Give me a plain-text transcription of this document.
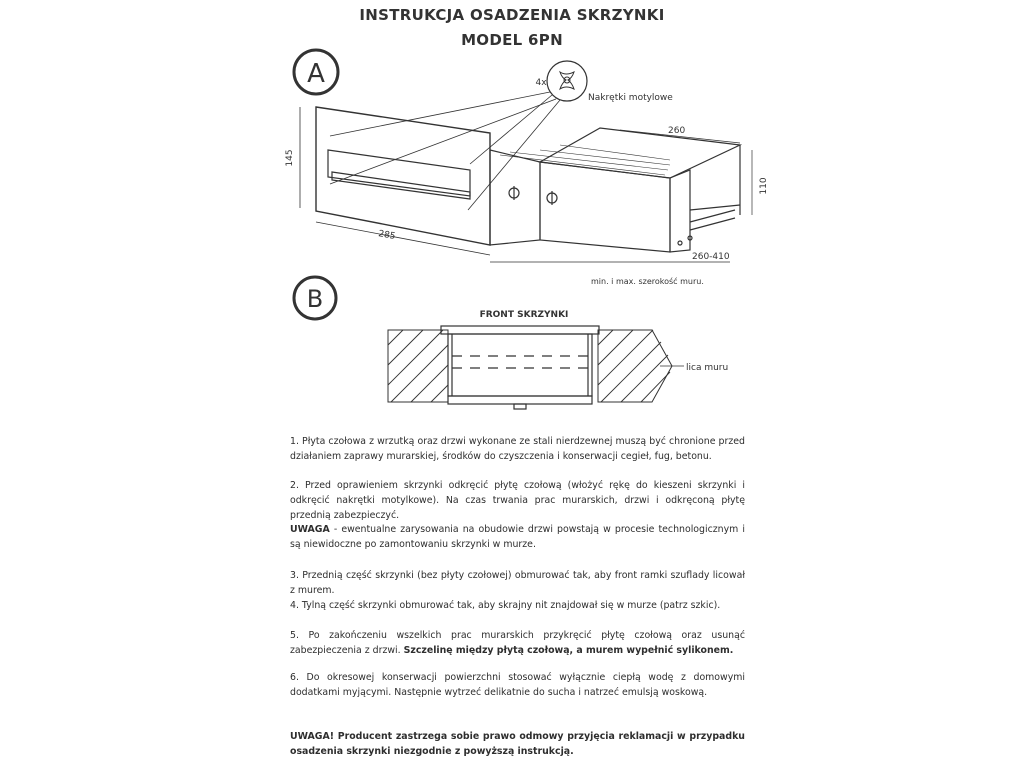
INSTRUKCJA OSADZENIA SKRZYNKI
MODEL 6PN
A	4x
Nakrętki motylowe
145
285
260
110
260-410
min. i max. szerokość muru.
B
FRONT SKRZYNKI
lica muru
1. Płyta czołowa z wrzutką oraz drzwi wykonane ze stali nierdzewnej muszą być chronione przed działaniem zaprawy murarskiej, środków do czyszczenia i konserwacji cegieł, fug, betonu.
2. Przed oprawieniem skrzynki odkręcić płytę czołową (włożyć rękę do kieszeni skrzynki i odkręcić nakrętki motylkowe). Na czas trwania prac murarskich, drzwi i odkręconą płytę przednią zabezpieczyć.
UWAGA - ewentualne zarysowania na obudowie drzwi powstają w procesie technologicznym i są niewidoczne po zamontowaniu skrzynki w murze.
3. Przednią część skrzynki (bez płyty czołowej) obmurować tak, aby front ramki szuflady licował z murem.
4. Tylną część skrzynki obmurować tak, aby skrajny nit znajdował się w murze (patrz szkic).
5. Po zakończeniu wszelkich prac murarskich przykręcić płytę czołową oraz usunąć zabezpieczenia z drzwi. Szczelinę między płytą czołową, a murem wypełnić sylikonem.
6. Do okresowej konserwacji powierzchni stosować wyłącznie ciepłą wodę z domowymi dodatkami myjącymi. Następnie wytrzeć delikatnie do sucha i natrzeć emulsją woskową.
UWAGA! Producent zastrzega sobie prawo odmowy przyjęcia reklamacji w przypadku osadzenia skrzynki niezgodnie z powyższą instrukcją.
